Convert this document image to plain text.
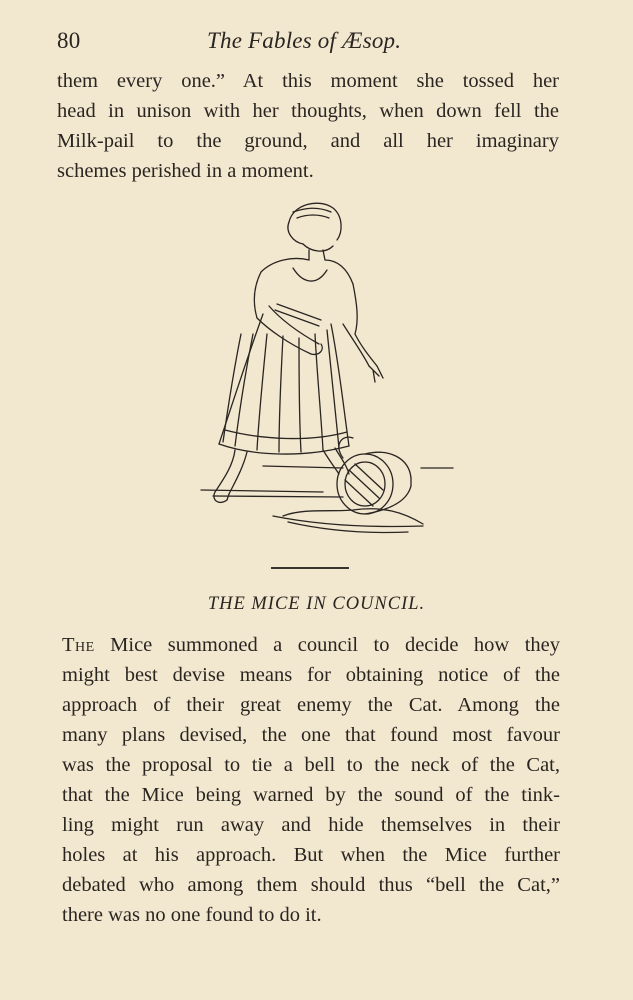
80	The Fables of Æsop.
them every one.” At this moment she tossed her
head in unison with her thoughts, when down fell the
Milk-pail to the ground, and all her imaginary
schemes perished in a moment.
THE MICE IN COUNCIL.
The Mice summoned a council to decide how they
might best devise means for obtaining notice of the
approach of their great enemy the Cat. Among the
many plans devised, the one that found most favour
was the proposal to tie a bell to the neck of the Cat,
that the Mice being warned by the sound of the tink-
ling might run away and hide themselves in their
holes at his approach. But when the Mice further
debated who among them should thus “bell the Cat,”
there was no one found to do it.
